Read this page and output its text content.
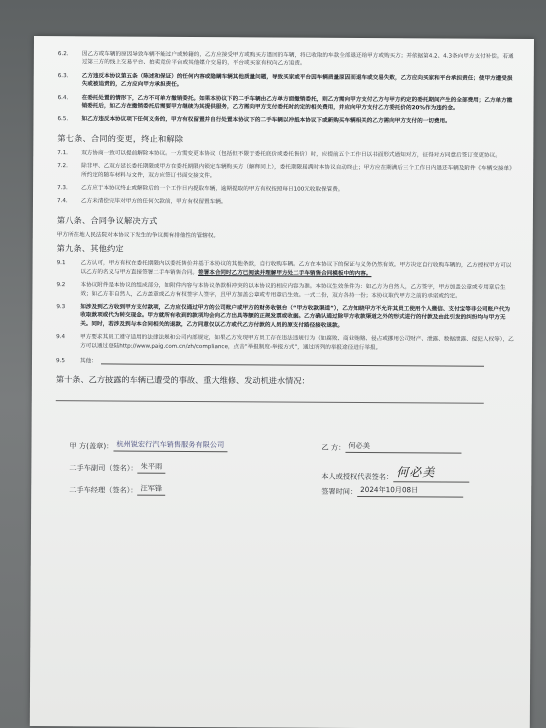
6.2. 因乙方或车辆的原因导致车辆不能过户或转籍的，乙方应接受甲方或购买方退回的车辆，将已收取的车款全部退还给甲方或购买方；并依据第4.2、4.3条向甲方支付补偿。若通过第三方的线上交易平台、拍卖竞价平台或其他媒介交易的，平台或买家有权向乙方追责。
6.3. 乙方违反本协议第五条（陈述和保证）的任何内容或隐瞒车辆其他质量问题，导致买家或平台因车辆质量原因而退车或交易失败，乙方应向买家和平台承担责任；使甲方遭受损失或被追责的，乙方应向甲方承担责任。
6.4. 在委托处置的情形下，乙方不可单方撤销委托。如果本协议下的二手车辆由乙方单方面撤销委托，则乙方需向甲方支付乙方与甲方约定的委托期间产生的全部费用；乙方单方撤销委托后，如乙方在撤销委托后需要甲方继续为其提供服务，乙方需向甲方支付委托时约定的相关费用，并应向甲方支付乙方委托价的20%作为违约金。
6.5. 如乙方违反本协议项下任何义务的，甲方有权留置并自行处置本协议下的二手车辆以冲抵本协议下或新购买车辆相关的乙方需向甲方支付的一切费用。
第七条、合同的变更，终止和解除
7.1. 双方协商一致可以提前解除本协议。一方需变更本协议（包括但不限于委托底价或委托售价）时，应提前五个工作日以书面形式通知对方，征得对方同意后签订变更协议。
7.2. 除非甲、乙双方延长委托期限或甲方在委托期限内锁定车辆购买方（解释同上），委托期限届满时本协议自动终止；甲方应在期满后三个工作日内退还车辆及附件《车辆交接单》所约定的随车材料与文件，双方应签订书面交接文件。
7.3. 乙方应于本协议终止或解除后的一个工作日内提取车辆，逾期提取的甲方有权按照每日100元收取保管费。
7.4. 乙方未清偿完毕对甲方的任何欠款前，甲方有权留置车辆。
第八条、合同争议解决方式
甲方所在地人民法院对本协议下发生的争议拥有排他性的管辖权。
第九条、其他约定
9.1	乙方认可，甲方有权在委托期限内以委托售价并基于本协议的其他条款，自行收购车辆。乙方在本协议下的保证与义务仍然有效。甲方决定自行收购车辆的，乙方授权甲方可以以乙方的名义与甲方直接签署二手车销售合同。签署本合同时乙方已阅读并理解甲方处二手车销售合同模板中的内容。
9.2	本协议附件是本协议的组成部分，如附件内容与本协议条款相冲突的以本协议的相应内容为准。本协议生效条件为：如乙方为自然人，乙方签字，甲方加盖公章或专用章后生效；如乙方非自然人，乙方盖章或乙方有权签字人签字，且甲方加盖公章或专用章后生效。一式二份，双方各持一份；本协议取代甲方之前的承诺或约定。
9.3	如涉及到乙方收到甲方支付款项，乙方应仅通过甲方的公司账户或甲方的财务收银台（“甲方收款渠道”），乙方知晓甲方不允许其员工使用个人微信、支付宝等非公司账户代为收取款项或代为转交现金。甲方就所有收到的款项均会向乙方出具等额的正规发票或收据。乙方确认通过除甲方收款渠道之外的形式进行的付款及由此引发的纠纷均与甲方无关。同时，若涉及到与本合同相关的退款，乙方同意仅以乙方或代乙方付款的人员的原支付路径接收退款。
9.4	甲方要求其员工遵守适用的法律法规和公司内部规定，如果乙方发现甲方员工存在违法违规行为（如腐败、商业贿赂、侵占或挪用公司财产、泄露、数据泄露、侵犯人权等），乙方可以通过登陆http://www.paig.com.cn/zh/compliance，点击“举报制度-举报方式”，通过所列的举报途径进行举报。
9.5	其他：
第十条、乙方披露的车辆已遭受的事故、重大维修、发动机进水情况：
甲 方(盖章)： 杭州锐宏行汽车销售服务有限公司
二手车副司（签名）： 朱平雨
二手车经理（签名）： 汪军锋
乙 方： 何必美
本人或授权代表签名： 何必美
签署时间： 2024年10月08日
